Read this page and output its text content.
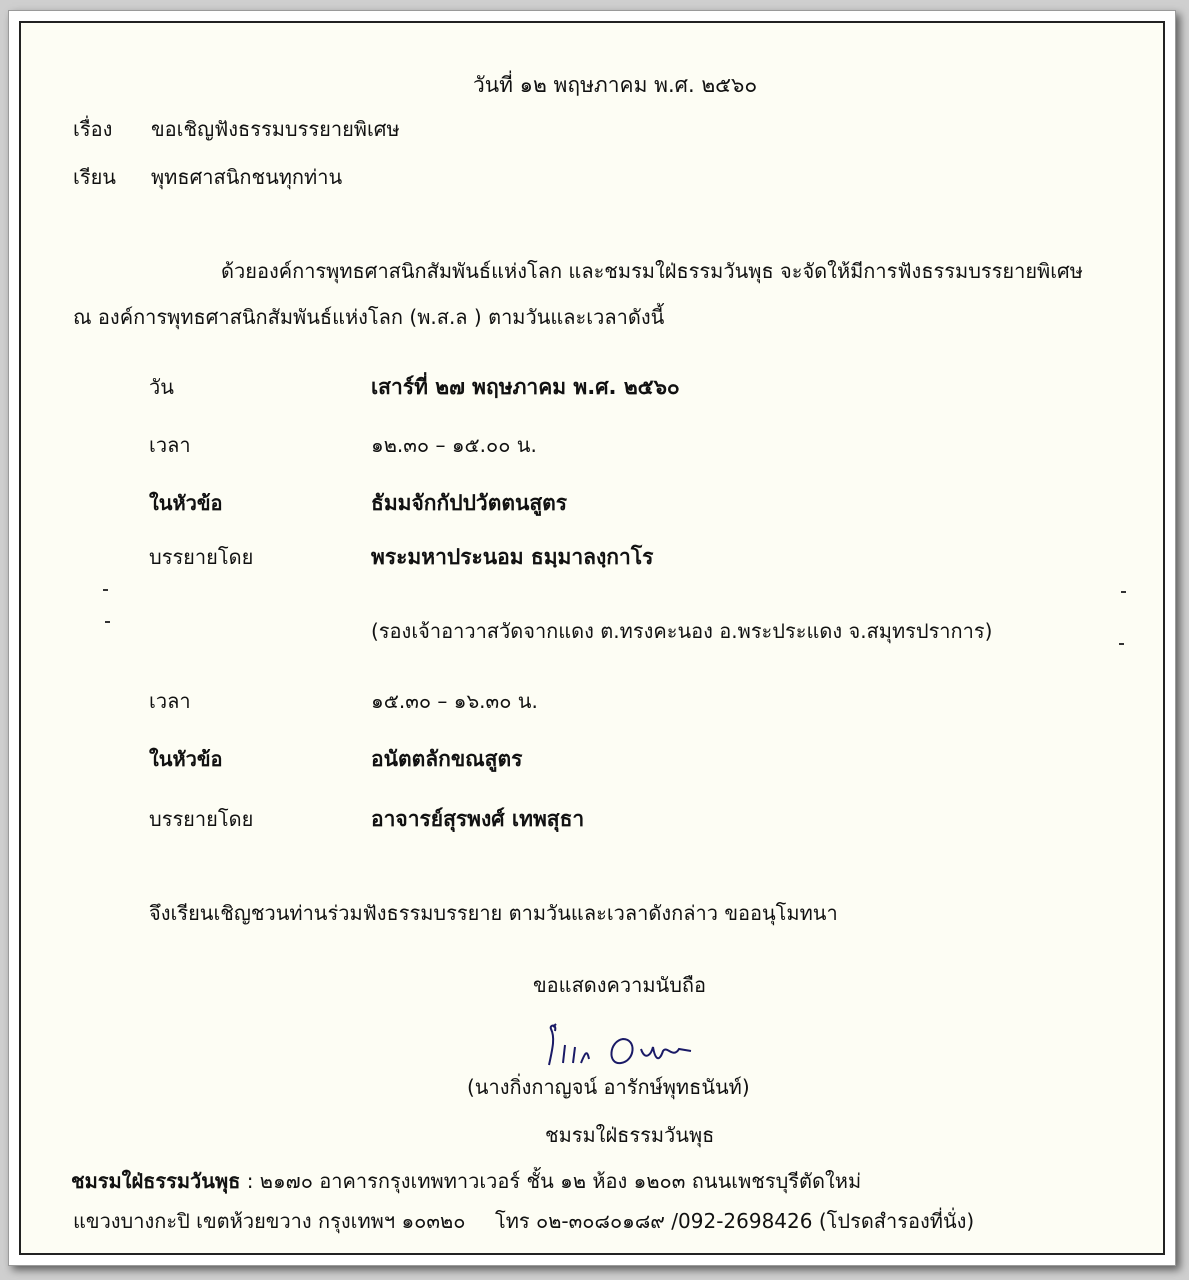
วันที่ ๑๒ พฤษภาคม พ.ศ. ๒๕๖๐
เรื่อง ขอเชิญฟังธรรมบรรยายพิเศษ
เรียน พุทธศาสนิกชนทุกท่าน
ด้วยองค์การพุทธศาสนิกสัมพันธ์แห่งโลก และชมรมใฝ่ธรรมวันพุธ จะจัดให้มีการฟังธรรมบรรยายพิเศษ
ณ องค์การพุทธศาสนิกสัมพันธ์แห่งโลก (พ.ส.ล ) ตามวันและเวลาดังนี้
วัน	เสาร์ที่ ๒๗ พฤษภาคม พ.ศ. ๒๕๖๐
เวลา	๑๒.๓๐ – ๑๕.๐๐ น.
ในหัวข้อ	ธัมมจักกัปปวัตตนสูตร
บรรยายโดย	พระมหาประนอม ธมฺมาลงฺกาโร
(รองเจ้าอาวาสวัดจากแดง ต.ทรงคะนอง อ.พระประแดง จ.สมุทรปราการ)
เวลา	๑๕.๓๐ – ๑๖.๓๐ น.
ในหัวข้อ	อนัตตลักขณสูตร
บรรยายโดย	อาจารย์สุรพงศ์ เทพสุธา
จึงเรียนเชิญชวนท่านร่วมฟังธรรมบรรยาย ตามวันและเวลาดังกล่าว ขออนุโมทนา
ขอแสดงความนับถือ
(นางกิ่งกาญจน์ อารักษ์พุทธนันท์)
ชมรมใฝ่ธรรมวันพุธ
ชมรมใฝ่ธรรมวันพุธ : ๒๑๗๐ อาคารกรุงเทพทาวเวอร์ ชั้น ๑๒ ห้อง ๑๒๐๓ ถนนเพชรบุรีตัดใหม่
แขวงบางกะปิ เขตห้วยขวาง กรุงเทพฯ ๑๐๓๒๐ โทร ๐๒-๓๐๘๐๑๘๙ /092-2698426 (โปรดสำรองที่นั่ง)
